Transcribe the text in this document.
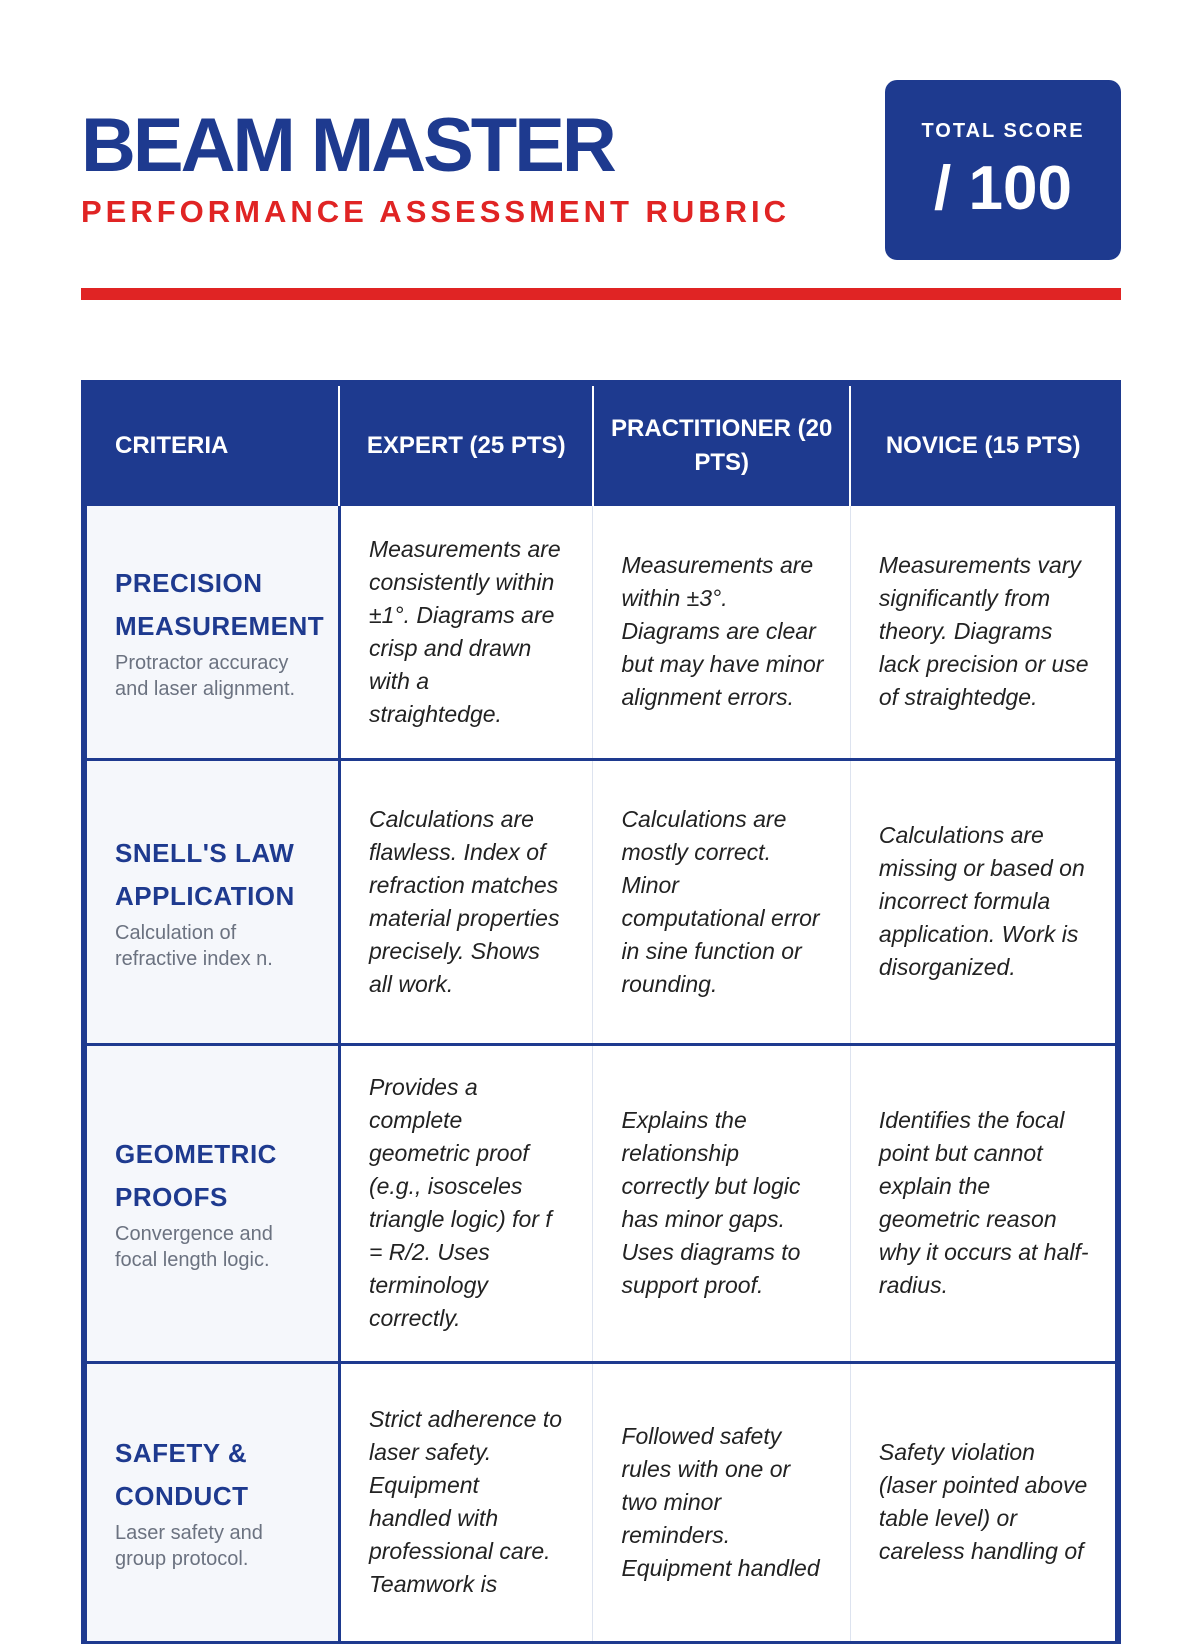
BEAM MASTER
PERFORMANCE ASSESSMENT RUBRIC
TOTAL SCORE
/ 100
CRITERIA	EXPERT (25 PTS)	PRACTITIONER (20 PTS)	NOVICE (15 PTS)

PRECISION MEASUREMENT
Protractor accuracy and laser alignment.	Measurements are consistently within ±1°. Diagrams are crisp and drawn with a straightedge.	Measurements are within ±3°. Diagrams are clear but may have minor alignment errors.	Measurements vary significantly from theory. Diagrams lack precision or use of straightedge.

SNELL'S LAW APPLICATION
Calculation of refractive index n.	Calculations are flawless. Index of refraction matches material properties precisely. Shows all work.	Calculations are mostly correct. Minor computational error in sine function or rounding.	Calculations are missing or based on incorrect formula application. Work is disorganized.

GEOMETRIC PROOFS
Convergence and focal length logic.	Provides a complete geometric proof (e.g., isosceles triangle logic) for f = R/2. Uses terminology correctly.	Explains the relationship correctly but logic has minor gaps. Uses diagrams to support proof.	Identifies the focal point but cannot explain the geometric reason why it occurs at half-radius.

SAFETY & CONDUCT
Laser safety and group protocol.	Strict adherence to laser safety. Equipment handled with professional care. Teamwork is	Followed safety rules with one or two minor reminders. Equipment handled	Safety violation (laser pointed above table level) or careless handling of
